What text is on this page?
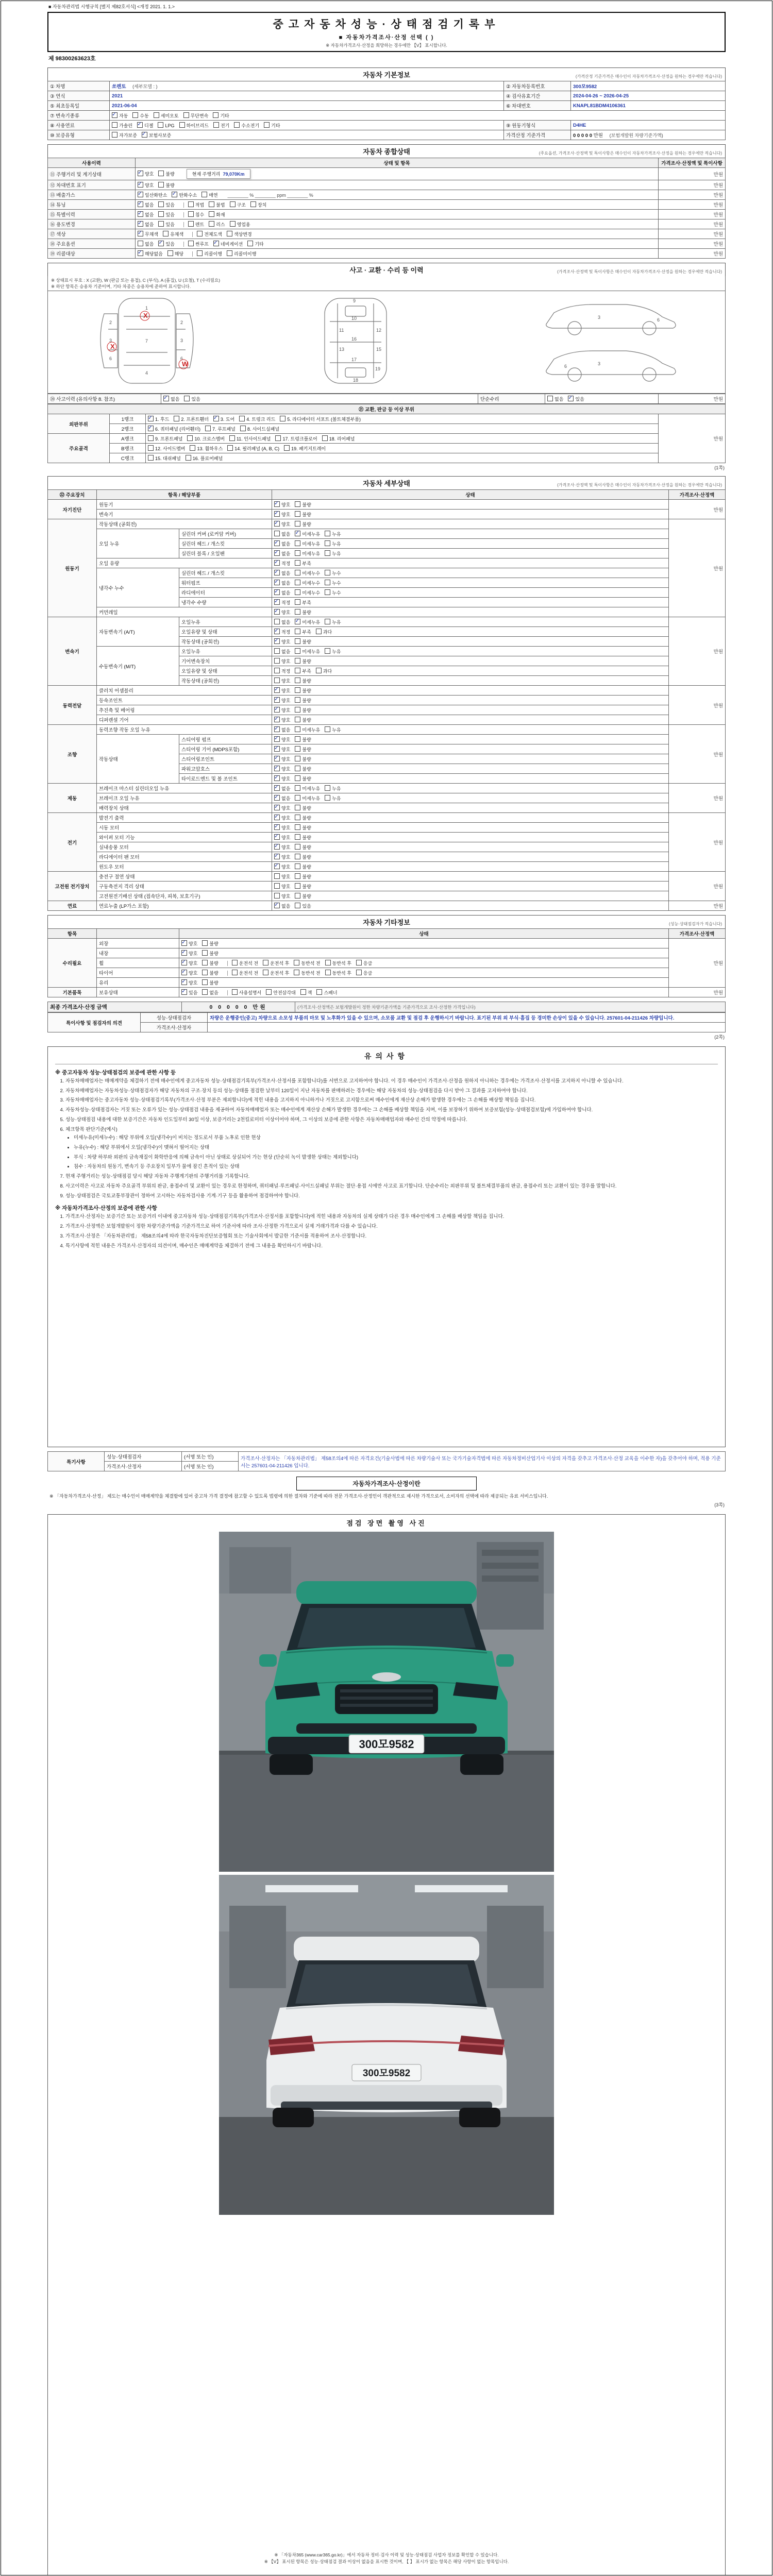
■ 자동차관리법 시행규칙 [별지 제82호서식] <개정 2021. 1. 1.>
중고자동차성능·상태점검기록부
■ 자동차가격조사·산정 선택 ( )
※ 자동차가격조사·산정을 희망하는 경우에만 【V】 표시합니다.
제 98300263623호
자동차 기본정보	(가격산정 기준가격은 매수인이 자동차가격조사·산정을 원하는 경우에만 적습니다)
① 차명	쏘렌토 (세부모델 : )	② 자동차등록번호	300모9582
③ 연식	2021	④ 검사유효기간	2024-04-26 ~ 2026-04-25
⑤ 최초등록일	2021-06-04	⑥ 차대번호	KNAPL81BDM4106361
⑦ 변속기종류	✓자동 수동 세미오토 무단변속 기타
⑧ 사용연료	가솔린 ✓ 디젤 LPG 하이브리드 전기 수소전기 기타	⑨ 원동기형식	D4HE
⑩ 보증유형	자가보증 ✓ 보험사보증	가격산정 기준가격	0 0 0 0 0 만원 (보험개발원 차량기준가액)
자동차 종합상태	(주요옵션, 가격조사·산정액 및 특이사항은 매수인이 자동차가격조사·산정을 원하는 경우에만 적습니다)
사용이력	상태 및 항목	가격조사·산정액 및 특이사항
⑪ 주행거리 및 계기상태	✓양호 불량 현재 주행거리 79,070Km	만원
⑫ 차대번호 표기	✓양호 불량	만원
⑬ 배출가스	✓일산화탄소 ✓ 탄화수소 매연 ________ % ________ ppm ________ %	만원
⑭ 튜닝	✓없음 있음 적법 불법 구조 장치	만원
⑮ 특별이력	✓없음 있음 침수 화재	만원
⑯ 용도변경	✓없음 있음 렌트 리스 영업용	만원
⑰ 색상	✓무채색 유채색 전체도색 색상변경	만원
⑱ 주요옵션	없음 ✓ 있음 썬루프 ✓ 네비게이션 기타	만원
⑲ 리콜대상	✓해당없음 해당 리콜이행 리콜미이행	만원
사고 · 교환 · 수리 등 이력	(가격조사·산정액 및 특이사항은 매수인이 자동차가격조사·산정을 원하는 경우에만 적습니다)
※ 상태표시 부호 : X (교환), W (판금 또는 용접), C (부식), A (흠집), U (요철), T (수리필요)
※ 하단 항목은 승용차 기준이며, 기타 차종은 승용차에 준하여 표시합니다.
1
7
4
2	2
3	3
6	6
X
X
W
9
10
11	12
13	15
16
17
18
19
3	6
3
6
⑳ 사고이력 (유의사항 8. 참조)	✓없음	있음	단순수리	없음 ✓	있음	만원
㉑ 교환, 판금 등 이상 부위			
외판부위	1랭크	✓1. 후드 2. 프론트휀더 ✓ 3. 도어 4. 트렁크 리드 5. 라디에이터 서포트 (볼트체결부품)	만원
	2랭크	✓6. 쿼터패널 (리어휀더) 7. 루프패널 8. 사이드실패널
주요골격	A랭크	9. 프론트패널 10. 크로스멤버 11. 인사이드패널 17. 트렁크플로어 18. 리어패널	
	B랭크	12. 사이드멤버 13. 휠하우스 14. 필러패널 (A, B, C) 19. 패키지트레이	
	C랭크	15. 대쉬패널 16. 플로어패널	
(1쪽)
자동차 세부상태	(가격조사·산정액 및 특이사항은 매수인이 자동차가격조사·산정을 원하는 경우에만 적습니다)
㉒ 주요장치	항목 / 해당부품		상태	가격조사·산정액
자기진단	원동기	✓양호 불량	만원
	변속기	✓양호 불량
원동기	작동상태 (공회전)	✓양호 불량	만원
	오일 누유	실린더 커버 (로커암 커버)	없음 ✓ 미세누유 누유
		실린더 헤드 / 개스킷	✓없음 미세누유 누유
		실린더 블록 / 오일팬	✓없음 미세누유 누유
	오일 유량	✓적정 부족
	냉각수 누수	실린더 헤드 / 개스킷	✓없음 미세누수 누수
		워터펌프	✓없음 미세누수 누수
		라디에이터	✓없음 미세누수 누수
		냉각수 수량	✓적정 부족
	커먼레일	✓양호 불량
변속기	자동변속기 (A/T)	오일누유	없음 ✓ 미세누유 누유	만원
		오일유량 및 상태	✓적정 부족 과다
		작동상태 (공회전)	✓양호 불량
	수동변속기 (M/T)	오일누유	없음 미세누유 누유	
		기어변속장치	양호 불량	
		오일유량 및 상태	적정 부족 과다	
		작동상태 (공회전)	양호 불량	
동력전달	클러치 어셈블리	✓양호 불량	만원
	등속조인트	✓양호 불량
	추진축 및 베어링	✓양호 불량
	디퍼렌셜 기어	✓양호 불량
조향	동력조향 작동 오일 누유	✓없음 미세누유 누유	만원
	작동상태	스티어링 펌프	✓양호 불량
		스티어링 기어 (MDPS포함)	✓양호 불량
		스티어링조인트	✓양호 불량
		파워고압호스	✓양호 불량
		타이로드엔드 및 볼 조인트	✓양호 불량
제동	브레이크 마스터 실린더오일 누유	✓없음 미세누유 누유	만원
	브레이크 오일 누유	✓없음 미세누유 누유
	배력장치 상태	✓양호 불량
전기	발전기 출력	✓양호 불량	만원
	시동 모터	✓양호 불량
	와이퍼 모터 기능	✓양호 불량
	실내송풍 모터	✓양호 불량
	라디에이터 팬 모터	✓양호 불량
	윈도우 모터	✓양호 불량
고전원 전기장치	충전구 절연 상태		양호 불량	만원
	구동축전지 격리 상태		양호 불량	
	고전원전기배선 상태 (접속단자, 피복, 보호기구)		양호 불량	
연료	연료누출 (LP가스 포함)	✓없음 있음	만원
자동차 기타정보	(성능·상태점검자가 적습니다)
항목		상태	가격조사·산정액
수리필요	외장	✓양호 불량	만원
	내장	✓양호 불량
	휠	✓양호 불량 운전석 전 운전석 후 동반석 전 동반석 후 응급
	타이어	✓양호 불량 운전석 전 운전석 후 동반석 전 동반석 후 응급
	유리	✓양호 불량
기본품목	보유상태	✓있음 없음 사용설명서 안전삼각대 잭 스패너	만원
최종 가격조사·산정 금액	0 0 0 0 0 만원	(가격조사·산정액은 보험개발원이 정한 차량기준가액을 기준가격으로 조사·산정한 가격입니다)
특이사항 및 점검자의 의견	성능·상태점검자	차량은 운행중인(중고) 차량으로 소모성 부품의 마모 및 노후화가 있을 수 있으며, 소모품 교환 및 점검 후 운행하시기 바랍니다. 표기된 부위 외 부식·흠집 등 경미한 손상이 있을 수 있습니다. 257601-04-211426 차량입니다.
	가격조사·산정자	
(2쪽)
유의사항
※ 중고자동차 성능·상태점검의 보증에 관한 사항 등
1. 자동차매매업자는 매매계약을 체결하기 전에 매수인에게 중고자동차 성능·상태점검기록부(가격조사·산정서를 포함합니다)를 서면으로 고지하여야 합니다. 이 경우 매수인이 가격조사·산정을 원하지 아니하는 경우에는 가격조사·산정서를 고지하지 아니할 수 있습니다.
2. 자동차매매업자는 자동차성능·상태점검자가 해당 자동차의 구조·장치 등의 성능·상태를 점검한 날부터 120일이 지난 자동차를 판매하려는 경우에는 해당 자동차의 성능·상태점검을 다시 받아 그 결과를 고지하여야 합니다.
3. 자동차매매업자는 중고자동차 성능·상태점검기록부(가격조사·산정 부분은 제외합니다)에 적힌 내용을 고지하지 아니하거나 거짓으로 고지함으로써 매수인에게 재산상 손해가 발생한 경우에는 그 손해를 배상할 책임을 집니다.
4. 자동차성능·상태점검자는 거짓 또는 오류가 있는 성능·상태점검 내용을 제공하여 자동차매매업자 또는 매수인에게 재산상 손해가 발생한 경우에는 그 손해를 배상할 책임을 지며, 이를 보장하기 위하여 보증보험(성능·상태점검보험)에 가입하여야 합니다.
5. 성능·상태점검 내용에 대한 보증기간은 자동차 인도일부터 30일 이상, 보증거리는 2천킬로미터 이상이어야 하며, 그 이상의 보증에 관한 사항은 자동차매매업자와 매수인 간의 약정에 따릅니다.
6. 체크항목 판단기준(예시)
• 미세누유(미세누수) : 해당 부위에 오일(냉각수)이 비치는 정도로서 부품 노후로 인한 현상
• 누유(누수) : 해당 부위에서 오일(냉각수)이 맺혀서 떨어지는 상태
• 부식 : 차량 하부와 외판의 금속재질이 화학반응에 의해 금속이 아닌 상태로 상실되어 가는 현상 (단순히 녹이 발생한 상태는 제외합니다)
• 침수 : 자동차의 원동기, 변속기 등 주요장치 일부가 물에 잠긴 흔적이 있는 상태
7. 현재 주행거리는 성능·상태점검 당시 해당 자동차 주행계기판의 주행거리를 기록합니다.
8. 사고이력은 사고로 자동차 주요골격 부위의 판금, 용접수리 및 교환이 있는 경우로 한정하며, 쿼터패널·루프패널·사이드실패널 부위는 절단·용접 시에만 사고로 표기합니다. 단순수리는 외판부위 및 볼트체결부품의 판금, 용접수리 또는 교환이 있는 경우를 말합니다.
9. 성능·상태점검은 국토교통부장관이 정하여 고시하는 자동차검사용 기계·기구 등을 활용하여 점검하여야 합니다.
※ 자동차가격조사·산정의 보증에 관한 사항
1. 가격조사·산정자는 보증기간 또는 보증거리 이내에 중고자동차 성능·상태점검기록부(가격조사·산정서를 포함합니다)에 적힌 내용과 자동차의 실제 상태가 다른 경우 매수인에게 그 손해를 배상할 책임을 집니다.
2. 가격조사·산정액은 보험개발원이 정한 차량기준가액을 기준가격으로 하여 기준서에 따라 조사·산정한 가격으로서 실제 거래가격과 다를 수 있습니다.
3. 가격조사·산정은 「자동차관리법」 제58조의4에 따라 한국자동차진단보증협회 또는 기술사회에서 발급한 기준서를 적용하여 조사·산정합니다.
4. 특기사항에 적힌 내용은 가격조사·산정자의 의견이며, 매수인은 매매계약을 체결하기 전에 그 내용을 확인하시기 바랍니다.
특기사항	성능·상태점검자	(서명 또는 인)	가격조사·산정자는 「자동차관리법」 제58조의4에 따른 자격요건(기술사법에 따른 차량기술사 또는 국가기술자격법에 따른 자동차정비산업기사 이상의 자격을 갖추고 가격조사·산정 교육을 이수한 자)을 갖추어야 하며, 적용 기준서는 257601-04-211426 입니다.
	가격조사·산정자	(서명 또는 인)	
자동차가격조사·산정이란
※ 「자동차가격조사·산정」 제도는 매수인이 매매계약을 체결함에 있어 중고차 가격 결정에 참고할 수 있도록 법령에 의한 절차와 기준에 따라 전문 가격조사·산정인이 객관적으로 제시한 가격으로서, 소비자의 선택에 따라 제공되는 유료 서비스입니다.
(3쪽)
점검 장면 촬영 사진
300모9582
300모9582
※ 「자동차365 (www.car365.go.kr)」에서 자동차 정비·검사 이력 및 성능·상태점검 사업자 정보를 확인할 수 있습니다.
※ 【V】 표시된 항목은 성능·상태점검 결과 이상이 없음을 표시한 것이며, 【 】 표시가 없는 항목은 해당 사항이 없는 항목입니다.
